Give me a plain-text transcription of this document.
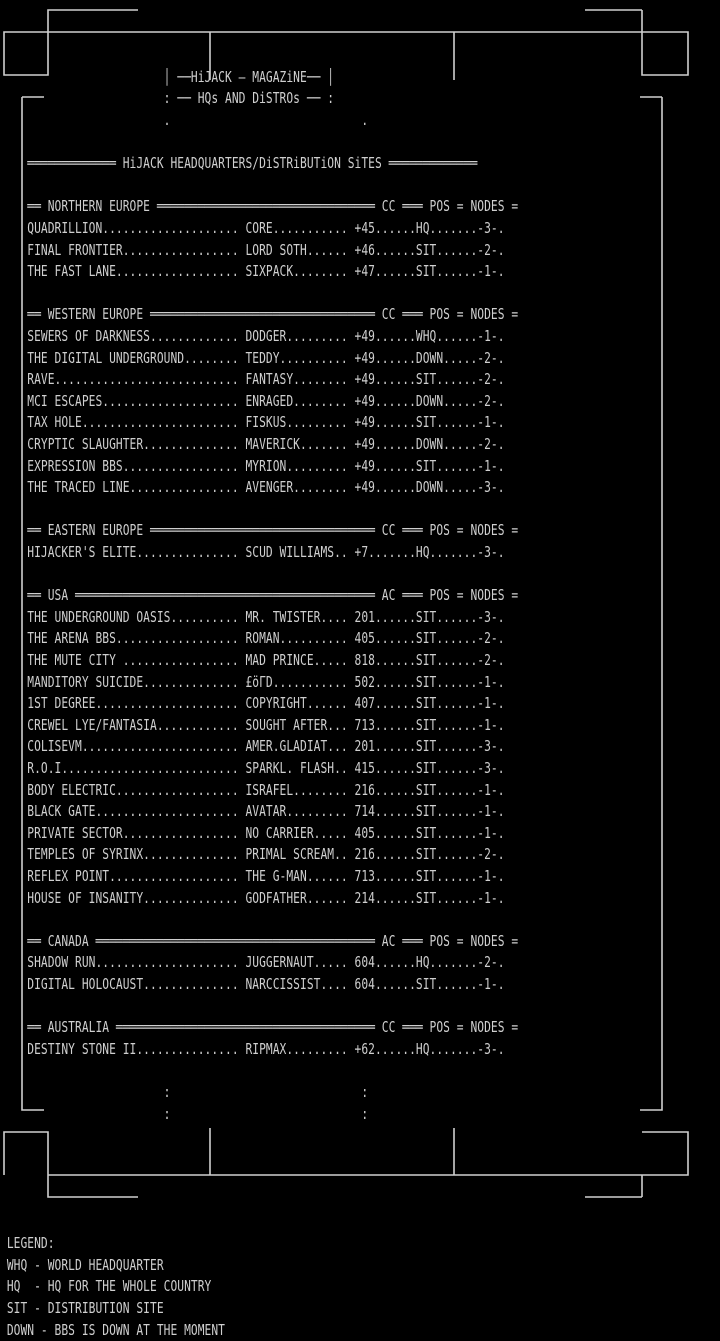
│ ──HiJACK — MAGAZiNE── │
: ── HQs AND DiSTROs ── :
.                            .
═════════════ HiJACK HEADQUARTERS/DiSTRiBUTiON SiTES ═════════════
══ NORTHERN EUROPE ════════════════════════════════ CC ═══ POS = NODES =
QUADRILLION.................... CORE........... +45......HQ.......-3-.
FINAL FRONTIER................. LORD SOTH...... +46......SIT......-2-.
THE FAST LANE.................. SIXPACK........ +47......SIT......-1-.
══ WESTERN EUROPE ═════════════════════════════════ CC ═══ POS = NODES =
SEWERS OF DARKNESS............. DODGER......... +49......WHQ......-1-.
THE DIGITAL UNDERGROUND........ TEDDY.......... +49......DOWN.....-2-.
RAVE........................... FANTASY........ +49......SIT......-2-.
MCI ESCAPES.................... ENRAGED........ +49......DOWN.....-2-.
TAX HOLE....................... FISKUS......... +49......SIT......-1-.
CRYPTIC SLAUGHTER.............. MAVERICK....... +49......DOWN.....-2-.
EXPRESSION BBS................. MYRION......... +49......SIT......-1-.
THE TRACED LINE................ AVENGER........ +49......DOWN.....-3-.
══ EASTERN EUROPE ═════════════════════════════════ CC ═══ POS = NODES =
HIJACKER'S ELITE............... SCUD WILLIAMS.. +7.......HQ.......-3-.
══ USA ════════════════════════════════════════════ AC ═══ POS = NODES =
THE UNDERGROUND OASIS.......... MR. TWISTER.... 201......SIT......-3-.
THE ARENA BBS.................. ROMAN.......... 405......SIT......-2-.
THE MUTE CITY ................. MAD PRINCE..... 818......SIT......-2-.
MANDITORY SUICIDE.............. £öΓD........... 502......SIT......-1-.
1ST DEGREE..................... COPYRIGHT...... 407......SIT......-1-.
CREWEL LYE/FANTASIA............ SOUGHT AFTER... 713......SIT......-1-.
COLISEVM....................... AMER.GLADIAT... 201......SIT......-3-.
R.O.I.......................... SPARKL. FLASH.. 415......SIT......-3-.
BODY ELECTRIC.................. ISRAFEL........ 216......SIT......-1-.
BLACK GATE..................... AVATAR......... 714......SIT......-1-.
PRIVATE SECTOR................. NO CARRIER..... 405......SIT......-1-.
TEMPLES OF SYRINX.............. PRIMAL SCREAM.. 216......SIT......-2-.
REFLEX POINT................... THE G-MAN...... 713......SIT......-1-.
HOUSE OF INSANITY.............. GODFATHER...... 214......SIT......-1-.
══ CANADA ═════════════════════════════════════════ AC ═══ POS = NODES =
SHADOW RUN..................... JUGGERNAUT..... 604......HQ.......-2-.
DIGITAL HOLOCAUST.............. NARCCISSIST.... 604......SIT......-1-.
══ AUSTRALIA ══════════════════════════════════════ CC ═══ POS = NODES =
DESTINY STONE II............... RIPMAX......... +62......HQ.......-3-.
:                            :
:                            :
LEGEND:
WHQ - WORLD HEADQUARTER
HQ  - HQ FOR THE WHOLE COUNTRY
SIT - DISTRIBUTION SITE
DOWN - BBS IS DOWN AT THE MOMENT
